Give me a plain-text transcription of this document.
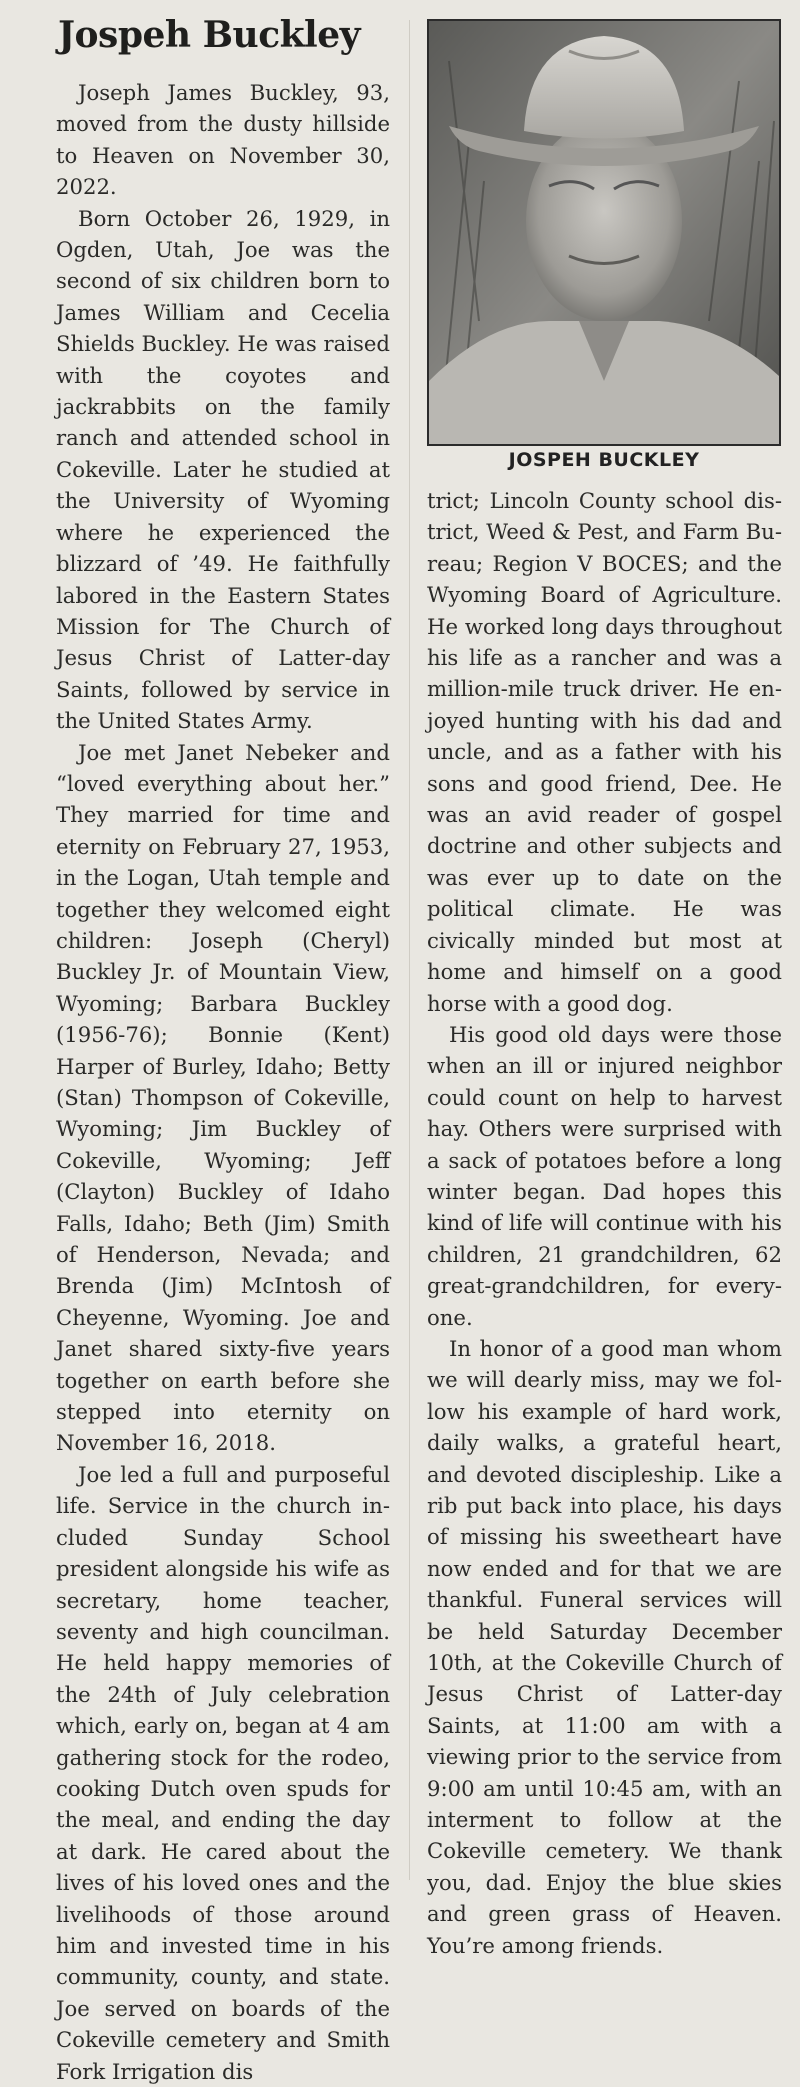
Jospeh Buckley

Joseph James Buckley, 93, moved from the dusty hillside to Heaven on November 30, 2022.

Born October 26, 1929, in Ogden, Utah, Joe was the second of six children born to James William and Cecelia Shields Buckley. He was raised with the coyotes and jackrabbits on the family ranch and attended school in Cokeville. Later he studied at the University of Wyoming where he experienced the blizzard of ’49. He faithfully labored in the Eastern States Mission for The Church of Jesus Christ of Latter-day Saints, followed by service in the United States Army.

Joe met Janet Nebeker and “loved everything about her.” They married for time and eternity on February 27, 1953, in the Logan, Utah temple and together they welcomed eight children: Joseph (Cheryl) Buckley Jr. of Mountain View, Wyoming; Barbara Buckley (1956-76); Bonnie (Kent) Harper of Burley, Idaho; Betty (Stan) Thompson of Cokeville, Wyoming; Jim Buckley of Cokeville, Wyoming; Jeff (Clayton) Buckley of Idaho Falls, Idaho; Beth (Jim) Smith of Henderson, Nevada; and Brenda (Jim) McIntosh of Cheyenne, Wyoming. Joe and Janet shared sixty-five years together on earth before she stepped into eternity on November 16, 2018.

Joe led a full and purposeful life. Service in the church included Sunday School president alongside his wife as secretary, home teacher, seventy and high councilman. He held happy memories of the 24th of July celebration which, early on, began at 4 am gathering stock for the rodeo, cooking Dutch oven spuds for the meal, and ending the day at dark. He cared about the lives of his loved ones and the livelihoods of those around him and invested time in his community, county, and state. Joe served on boards of the Cokeville cemetery and Smith Fork Irrigation dis

JOSPEH BUCKLEY

trict; Lincoln County school district, Weed & Pest, and Farm Bureau; Region V BOCES; and the Wyoming Board of Agriculture. He worked long days throughout his life as a rancher and was a million-mile truck driver. He enjoyed hunting with his dad and uncle, and as a father with his sons and good friend, Dee. He was an avid reader of gospel doctrine and other subjects and was ever up to date on the political climate. He was civically minded but most at home and himself on a good horse with a good dog.

His good old days were those when an ill or injured neighbor could count on help to harvest hay. Others were surprised with a sack of potatoes before a long winter began. Dad hopes this kind of life will continue with his children, 21 grandchildren, 62 great-grandchildren, for everyone.

In honor of a good man whom we will dearly miss, may we follow his example of hard work, daily walks, a grateful heart, and devoted discipleship. Like a rib put back into place, his days of missing his sweetheart have now ended and for that we are thankful. Funeral services will be held Saturday December 10th, at the Cokeville Church of Jesus Christ of Latter-day Saints, at 11:00 am with a viewing prior to the service from 9:00 am until 10:45 am, with an interment to follow at the Cokeville cemetery. We thank you, dad. Enjoy the blue skies and green grass of Heaven. You’re among friends.
